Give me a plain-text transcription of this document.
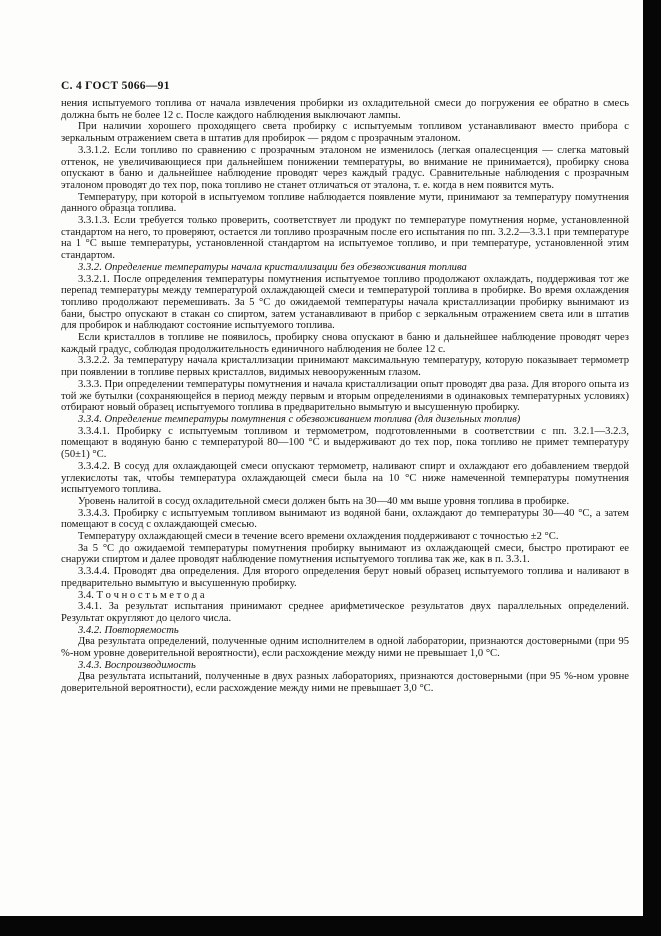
С. 4 ГОСТ 5066—91

нения испытуемого топлива от начала извлечения пробирки из охладительной смеси до погружения ее обратно в смесь должна быть не более 12 с. После каждого наблюдения выключают лампы.

При наличии хорошего проходящего света пробирку с испытуемым топливом устанавливают вместо прибора с зеркальным отражением света в штатив для пробирок — рядом с прозрачным эталоном.

3.3.1.2. Если топливо по сравнению с прозрачным эталоном не изменилось (легкая опалесценция — слегка матовый оттенок, не увеличивающиеся при дальнейшем понижении температуры, во внимание не принимается), пробирку снова опускают в баню и дальнейшее наблюдение проводят через каждый градус. Сравнительные наблюдения с прозрачным эталоном проводят до тех пор, пока топливо не станет отличаться от эталона, т. е. когда в нем появится муть.

Температуру, при которой в испытуемом топливе наблюдается появление мути, принимают за температуру помутнения данного образца топлива.

3.3.1.3. Если требуется только проверить, соответствует ли продукт по температуре помутнения норме, установленной стандартом на него, то проверяют, остается ли топливо прозрачным после его испытания по пп. 3.2.2—3.3.1 при температуре на 1 °С выше температуры, установленной стандартом на испытуемое топливо, и при температуре, установленной этим стандартом.

3.3.2. Определение температуры начала кристаллизации без обезвоживания топлива

3.3.2.1. После определения температуры помутнения испытуемое топливо продолжают охлаждать, поддерживая тот же перепад температуры между температурой охлаждающей смеси и температурой топлива в пробирке. Во время охлаждения топливо продолжают перемешивать. За 5 °С до ожидаемой температуры начала кристаллизации пробирку вынимают из бани, быстро опускают в стакан со спиртом, затем устанавливают в прибор с зеркальным отражением света или в штатив для пробирок и наблюдают состояние испытуемого топлива.

Если кристаллов в топливе не появилось, пробирку снова опускают в баню и дальнейшее наблюдение проводят через каждый градус, соблюдая продолжительность единичного наблюдения не более 12 с.

3.3.2.2. За температуру начала кристаллизации принимают максимальную температуру, которую показывает термометр при появлении в топливе первых кристаллов, видимых невооруженным глазом.

3.3.3. При определении температуры помутнения и начала кристаллизации опыт проводят два раза. Для второго опыта из той же бутылки (сохраняющейся в период между первым и вторым определениями в одинаковых температурных условиях) отбирают новый образец испытуемого топлива в предварительно вымытую и высушенную пробирку.

3.3.4. Определение температуры помутнения с обезвоживанием топлива (для дизельных топлив)

3.3.4.1. Пробирку с испытуемым топливом и термометром, подготовленными в соответствии с пп. 3.2.1—3.2.3, помещают в водяную баню с температурой 80—100 °С и выдерживают до тех пор, пока топливо не примет температуру (50±1) °С.

3.3.4.2. В сосуд для охлаждающей смеси опускают термометр, наливают спирт и охлаждают его добавлением твердой углекислоты так, чтобы температура охлаждающей смеси была на 10 °С ниже намеченной температуры помутнения испытуемого топлива.

Уровень налитой в сосуд охладительной смеси должен быть на 30—40 мм выше уровня топлива в пробирке.

3.3.4.3. Пробирку с испытуемым топливом вынимают из водяной бани, охлаждают до температуры 30—40 °С, а затем помещают в сосуд с охлаждающей смесью.

Температуру охлаждающей смеси в течение всего времени охлаждения поддерживают с точностью ±2 °С.

За 5 °С до ожидаемой температуры помутнения пробирку вынимают из охлаждающей смеси, быстро протирают ее снаружи спиртом и далее проводят наблюдение помутнения испытуемого топлива так же, как в п. 3.3.1.

3.3.4.4. Проводят два определения. Для второго определения берут новый образец испытуемого топлива и наливают в предварительно вымытую и высушенную пробирку.

3.4. Т о ч н о с т ь м е т о д а

3.4.1. За результат испытания принимают среднее арифметическое результатов двух параллельных определений. Результат округляют до целого числа.

3.4.2. Повторяемость

Два результата определений, полученные одним исполнителем в одной лаборатории, признаются достоверными (при 95 %-ном уровне доверительной вероятности), если расхождение между ними не превышает 1,0 °С.

3.4.3. Воспроизводимость

Два результата испытаний, полученные в двух разных лабораториях, признаются достоверными (при 95 %-ном уровне доверительной вероятности), если расхождение между ними не превышает 3,0 °С.
